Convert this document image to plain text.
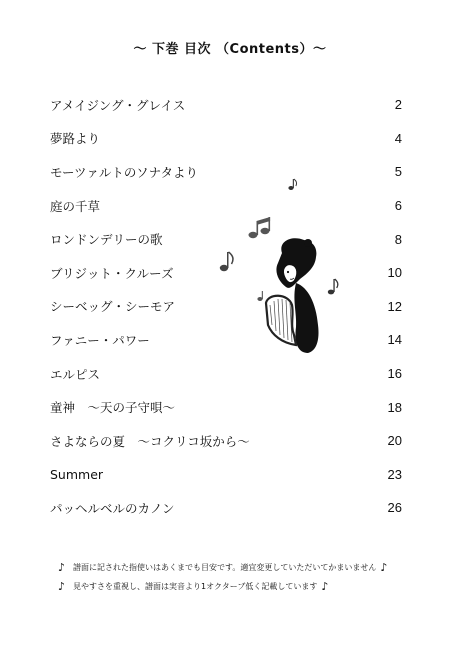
～ 下巻 目次 （Contents）～
アメイジング・グレイス	2
夢路より	4
モーツァルトのソナタより	5
庭の千草	6
ロンドンデリーの歌	8
ブリジット・クルーズ	10
シーベッグ・シーモア	12
ファニー・パワー	14
エルピス	16
童神　～天の子守唄～	18
さよならの夏　～コクリコ坂から～	20
Summer	23
パッヘルベルのカノン	26
♪ 譜面に記された指使いはあくまでも目安です。適宜変更していただいてかまいません ♪
♪ 見やすさを重視し、譜面は実音より1オクターブ低く記載しています ♪
